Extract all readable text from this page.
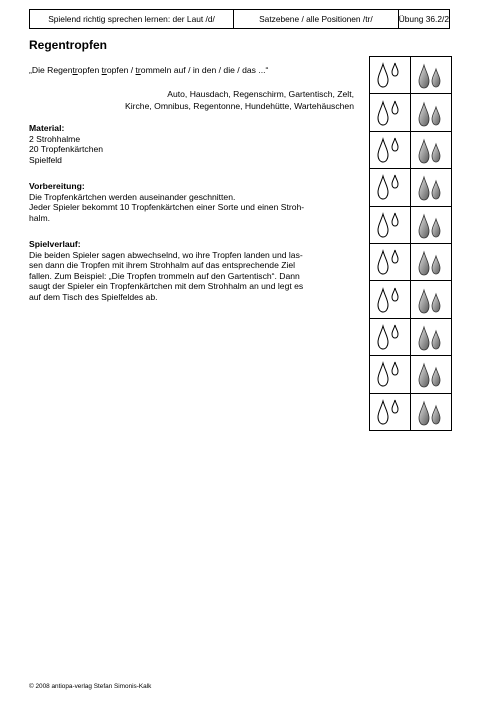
Spielend richtig sprechen lernen: der Laut /d/	Satzebene / alle Positionen /tr/	Übung 36.2/2
Regentropfen
„Die Regentropfen tropfen / trommeln auf / in den / die / das ...“
Auto, Hausdach, Regenschirm, Gartentisch, Zelt,
Kirche, Omnibus, Regentonne, Hundehütte, Wartehäuschen
Material:
2 Strohhalme
20 Tropfenkärtchen
Spielfeld
Vorbereitung:
Die Tropfenkärtchen werden auseinander geschnitten.
Jeder Spieler bekommt 10 Tropfenkärtchen einer Sorte und einen Stroh-
halm.
Spielverlauf:
Die beiden Spieler sagen abwechselnd, wo ihre Tropfen landen und las-
sen dann die Tropfen mit ihrem Strohhalm auf das entsprechende Ziel
fallen. Zum Beispiel: „Die Tropfen trommeln auf den Gartentisch“. Dann
saugt der Spieler ein Tropfenkärtchen mit dem Strohhalm an und legt es
auf dem Tisch des Spielfeldes ab.
© 2008 antiopa-verlag Stefan Simonis-Kalk
